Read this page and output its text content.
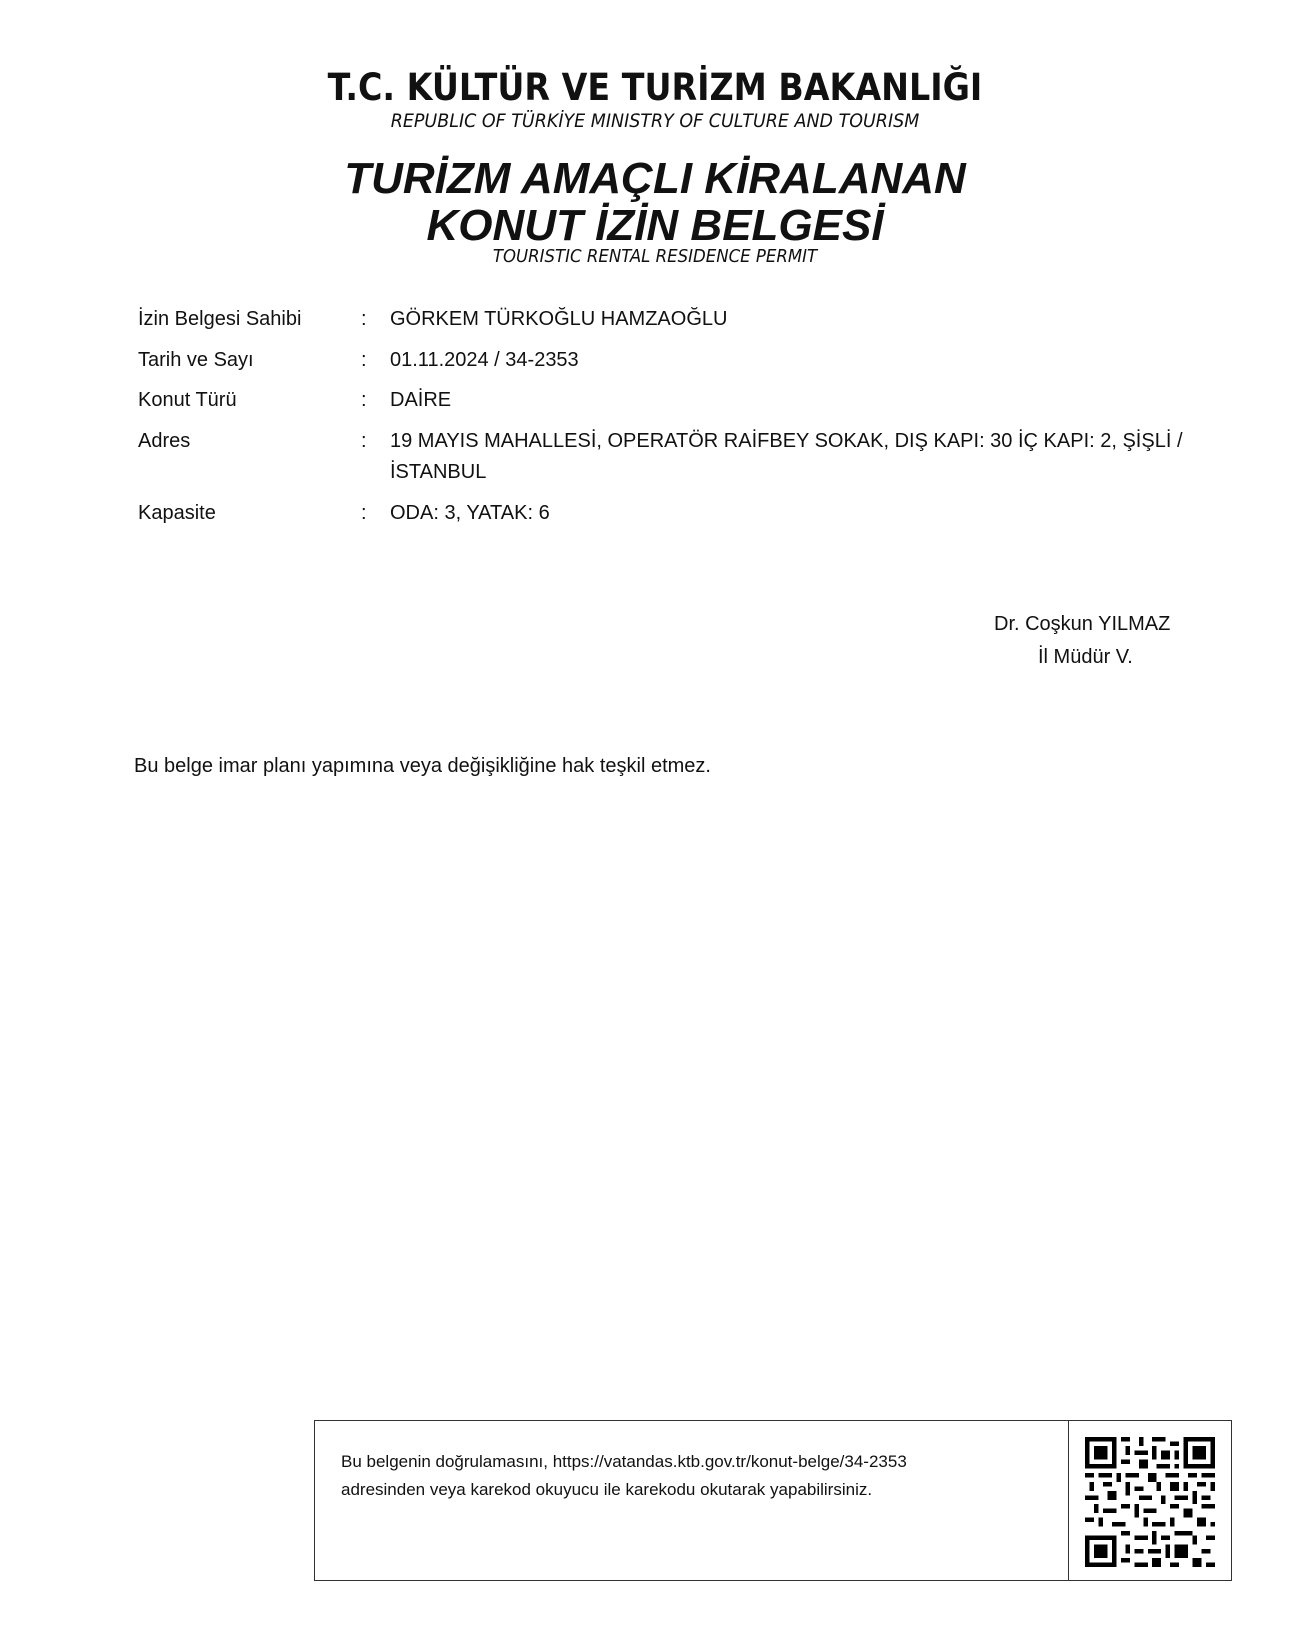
T.C. KÜLTÜR VE TURİZM BAKANLIĞI
REPUBLIC OF TÜRKİYE MINISTRY OF CULTURE AND TOURISM
TURİZM AMAÇLI KİRALANAN
KONUT İZİN BELGESİ
TOURISTIC RENTAL RESIDENCE PERMIT
İzin Belgesi Sahibi	: GÖRKEM TÜRKOĞLU HAMZAOĞLU
Tarih ve Sayı	: 01.11.2024 / 34-2353
Konut Türü	: DAİRE
Adres	: 19 MAYIS MAHALLESİ, OPERATÖR RAİFBEY SOKAK, DIŞ KAPI: 30 İÇ KAPI: 2, ŞİŞLİ /
İSTANBUL
Kapasite	: ODA: 3, YATAK: 6
Dr. Coşkun YILMAZ
İl Müdür V.
Bu belge imar planı yapımına veya değişikliğine hak teşkil etmez.
Bu belgenin doğrulamasını, https://vatandas.ktb.gov.tr/konut-belge/34-2353
adresinden veya karekod okuyucu ile karekodu okutarak yapabilirsiniz.
